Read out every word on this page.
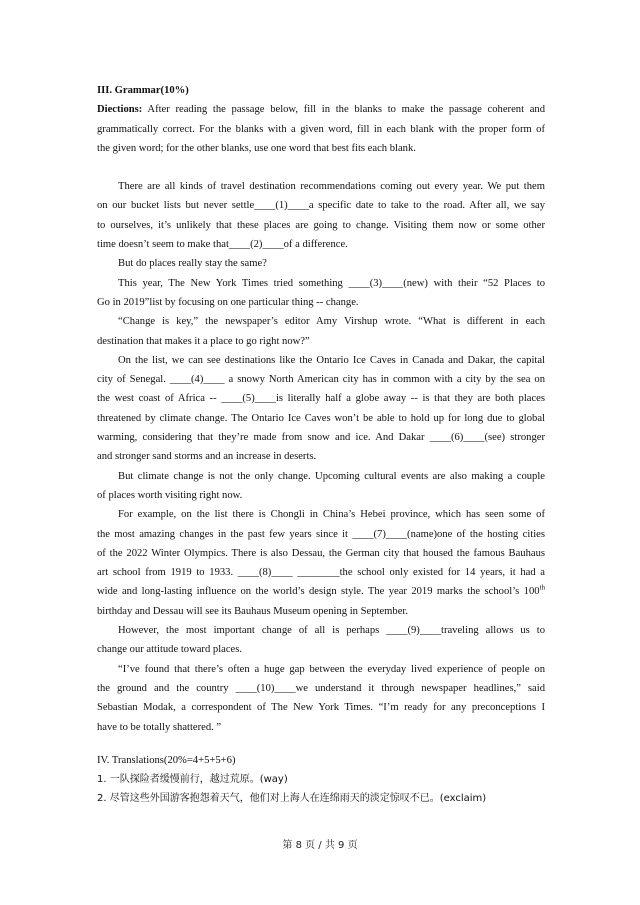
III. Grammar(10%)
Diections: After reading the passage below, fill in the blanks to make the passage coherent and
grammatically correct. For the blanks with a given word, fill in each blank with the proper form of
the given word; for the other blanks, use one word that best fits each blank.
There are all kinds of travel destination recommendations coming out every year. We put them
on our bucket lists but never settle____(1)____a specific date to take to the road. After all, we say
to ourselves, it’s unlikely that these places are going to change. Visiting them now or some other
time doesn’t seem to make that____(2)____of a difference.
But do places really stay the same?
This year, The New York Times tried something ____(3)____(new) with their “52 Places to
Go in 2019”list by focusing on one particular thing -- change.
“Change is key,” the newspaper’s editor Amy Virshup wrote. “What is different in each
destination that makes it a place to go right now?”
On the list, we can see destinations like the Ontario Ice Caves in Canada and Dakar, the capital
city of Senegal. ____(4)____ a snowy North American city has in common with a city by the sea on
the west coast of Africa -- ____(5)____is literally half a globe away -- is that they are both places
threatened by climate change. The Ontario Ice Caves won’t be able to hold up for long due to global
warming, considering that they’re made from snow and ice. And Dakar ____(6)____(see) stronger
and stronger sand storms and an increase in deserts.
But climate change is not the only change. Upcoming cultural events are also making a couple
of places worth visiting right now.
For example, on the list there is Chongli in China’s Hebei province, which has seen some of
the most amazing changes in the past few years since it ____(7)____(name)one of the hosting cities
of the 2022 Winter Olympics. There is also Dessau, the German city that housed the famous Bauhaus
art school from 1919 to 1933. ____(8)____ ________the school only existed for 14 years, it had a
wide and long-lasting influence on the world’s design style. The year 2019 marks the school’s 100th
birthday and Dessau will see its Bauhaus Museum opening in September.
However, the most important change of all is perhaps ____(9)____traveling allows us to
change our attitude toward places.
“I’ve found that there’s often a huge gap between the everyday lived experience of people on
the ground and the country ____(10)____we understand it through newspaper headlines,” said
Sebastian Modak, a correspondent of The New York Times. “I’m ready for any preconceptions I
have to be totally shattered. ”
IV. Translations(20%=4+5+5+6)
1. 一队探险者缓慢前行，越过荒原。(way)
2. 尽管这些外国游客抱怨着天气，他们对上海人在连绵雨天的淡定惊叹不已。(exclaim)
第 8 页 / 共 9 页
